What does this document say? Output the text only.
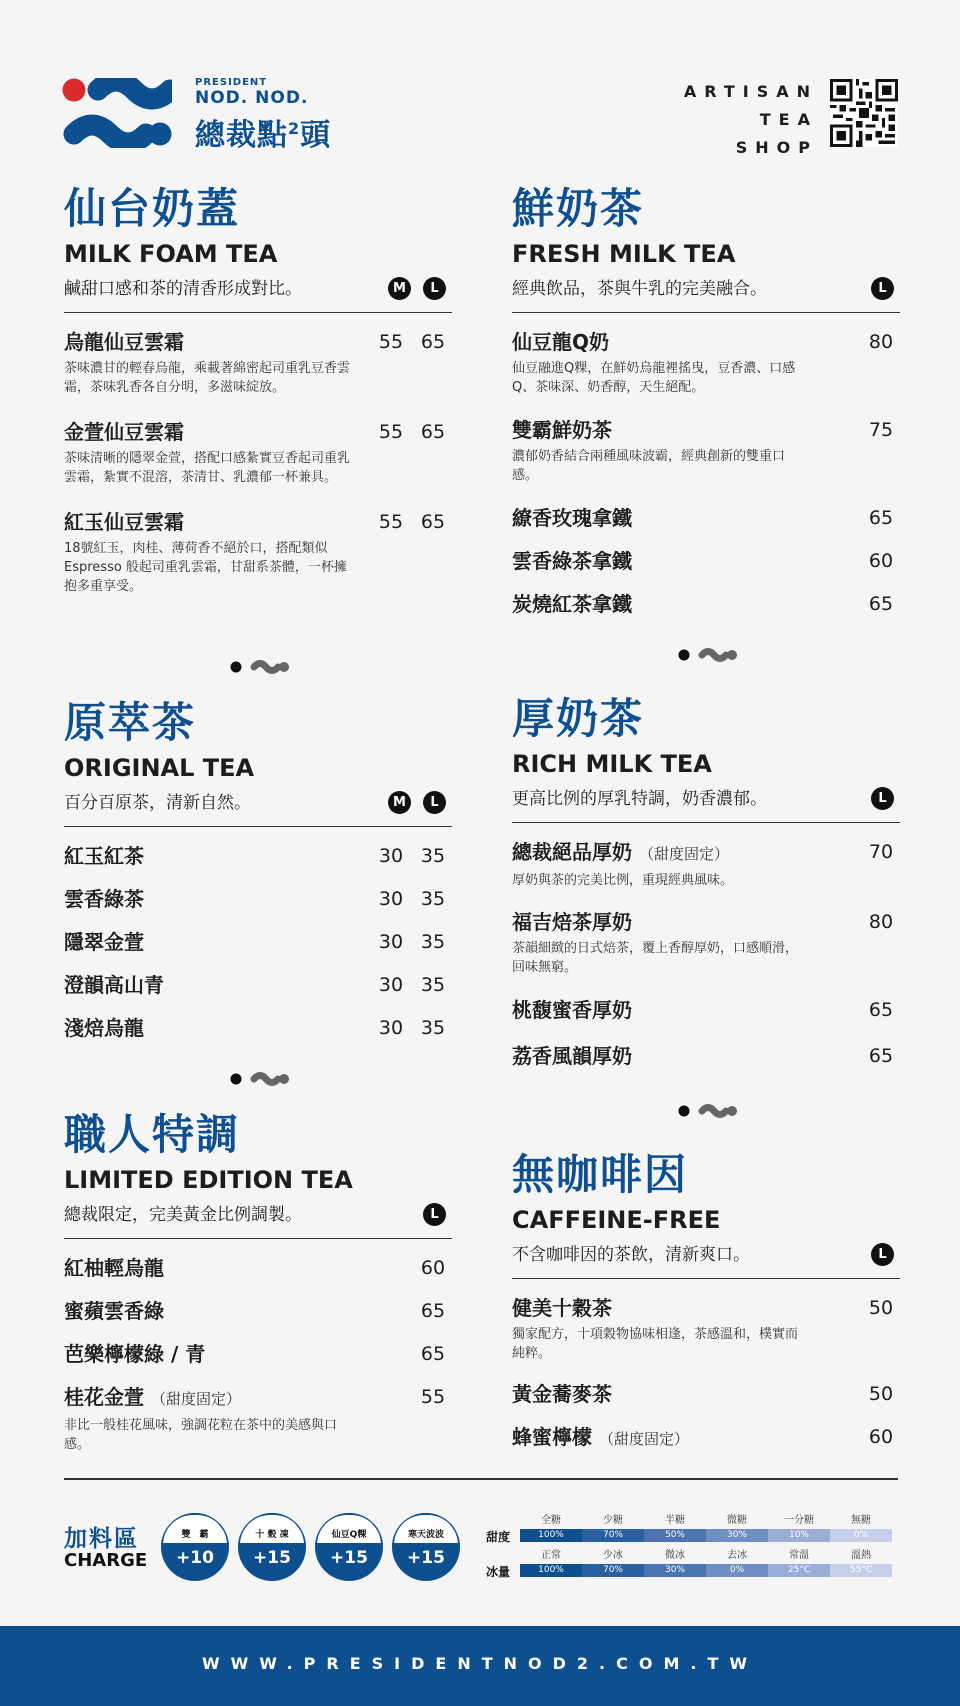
PRESIDENT
NOD. NOD.
總裁點$^2$頭
ARTISAN
TEA
SHOP
仙台奶蓋
MILK FOAM TEA
鹹甜口感和茶的清香形成對比。	M	L
烏龍仙豆雲霜	55 65
茶味濃甘的輕春烏龍，乘載著綿密起司重乳豆香雲霜，茶味乳香各自分明，多滋味綻放。
金萱仙豆雲霜	55 65
茶味清晰的隱翠金萱，搭配口感紮實豆香起司重乳雲霜，紮實不混溶，茶清甘、乳濃郁一杯兼具。
紅玉仙豆雲霜	55 65
18號紅玉，肉桂、薄荷香不絕於口，搭配類似 Espresso 般起司重乳雲霜，甘甜系茶體，一杯擁抱多重享受。
鮮奶茶
FRESH MILK TEA
經典飲品，茶與牛乳的完美融合。	L
仙豆龍Q奶	80
仙豆融進Q粿，在鮮奶烏龍裡搖曳，豆香濃、口感Q、茶味深、奶香醇，天生絕配。
雙霸鮮奶茶	75
濃郁奶香結合兩種風味波霸，經典創新的雙重口感。
繚香玫瑰拿鐵	65
雲香綠茶拿鐵	60
炭燒紅茶拿鐵	65
原萃茶
ORIGINAL TEA
百分百原茶，清新自然。	M	L
紅玉紅茶	30 35
雲香綠茶	30 35
隱翠金萱	30 35
澄韻高山青	30 35
淺焙烏龍	30 35
厚奶茶
RICH MILK TEA
更高比例的厚乳特調，奶香濃郁。	L
總裁絕品厚奶 （甜度固定）	70
厚奶與茶的完美比例，重現經典風味。
福吉焙茶厚奶	80
茶韻細緻的日式焙茶，覆上香醇厚奶，口感順滑，回味無窮。
桃馥蜜香厚奶	65
荔香風韻厚奶	65
職人特調
LIMITED EDITION TEA
總裁限定，完美黃金比例調製。	L
紅柚輕烏龍	60
蜜蘋雲香綠	65
芭樂檸檬綠 / 青	65
桂花金萱 （甜度固定）	55
非比一般桂花風味，強調花粒在茶中的美感與口感。
無咖啡因
CAFFEINE-FREE
不含咖啡因的茶飲，清新爽口。	L
健美十穀茶	50
獨家配方，十項穀物協味相逢，茶感溫和，樸實而純粹。
黃金蕎麥茶	50
蜂蜜檸檬 （甜度固定）	60
加料區
CHARGE
雙　霸
+10
十 穀 凍
+15
仙豆Q粿
+15
寒天波波
+15
甜度
冰量
全糖	少糖	半糖	微糖	一分糖	無糖
100%	70%	50%	30%	10%	0%
正常	少冰	微冰	去冰	常溫	溫熱
100%	70%	30%	0%	25°C	55°C
WWW.PRESIDENTNOD2.COM.TW
